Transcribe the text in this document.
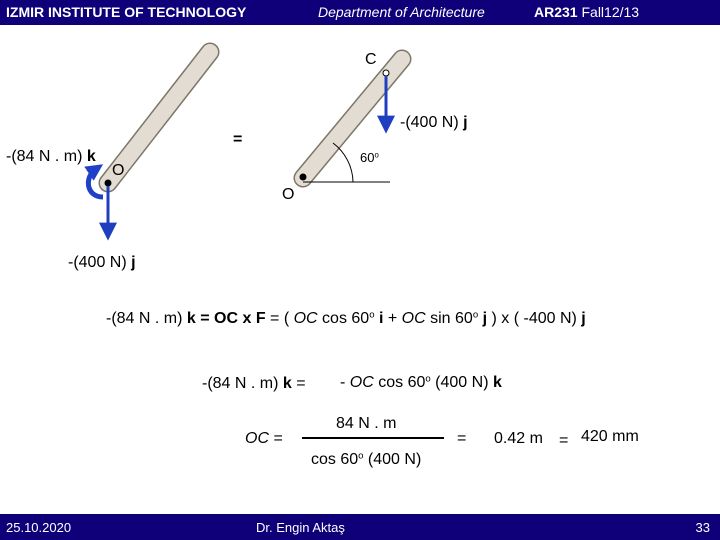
IZMIR INSTITUTE OF TECHNOLOGY	Department of Architecture	AR231 Fall12/13
-(84 N . m) k
O
-(400 N) j
=
C
-(400 N) j
60$^o$
O
-(84 N . m) k = OC x F = ( OC cos 60$^o$ i + OC sin 60$^o$ j ) x ( -400 N) j
-(84 N . m) k = - OC cos 60$^o$ (400 N) k
OC =
84 N . m
cos 60$^o$ (400 N)
= 0.42 m = 420 mm
25.10.2020	Dr. Engin Aktaş	33
